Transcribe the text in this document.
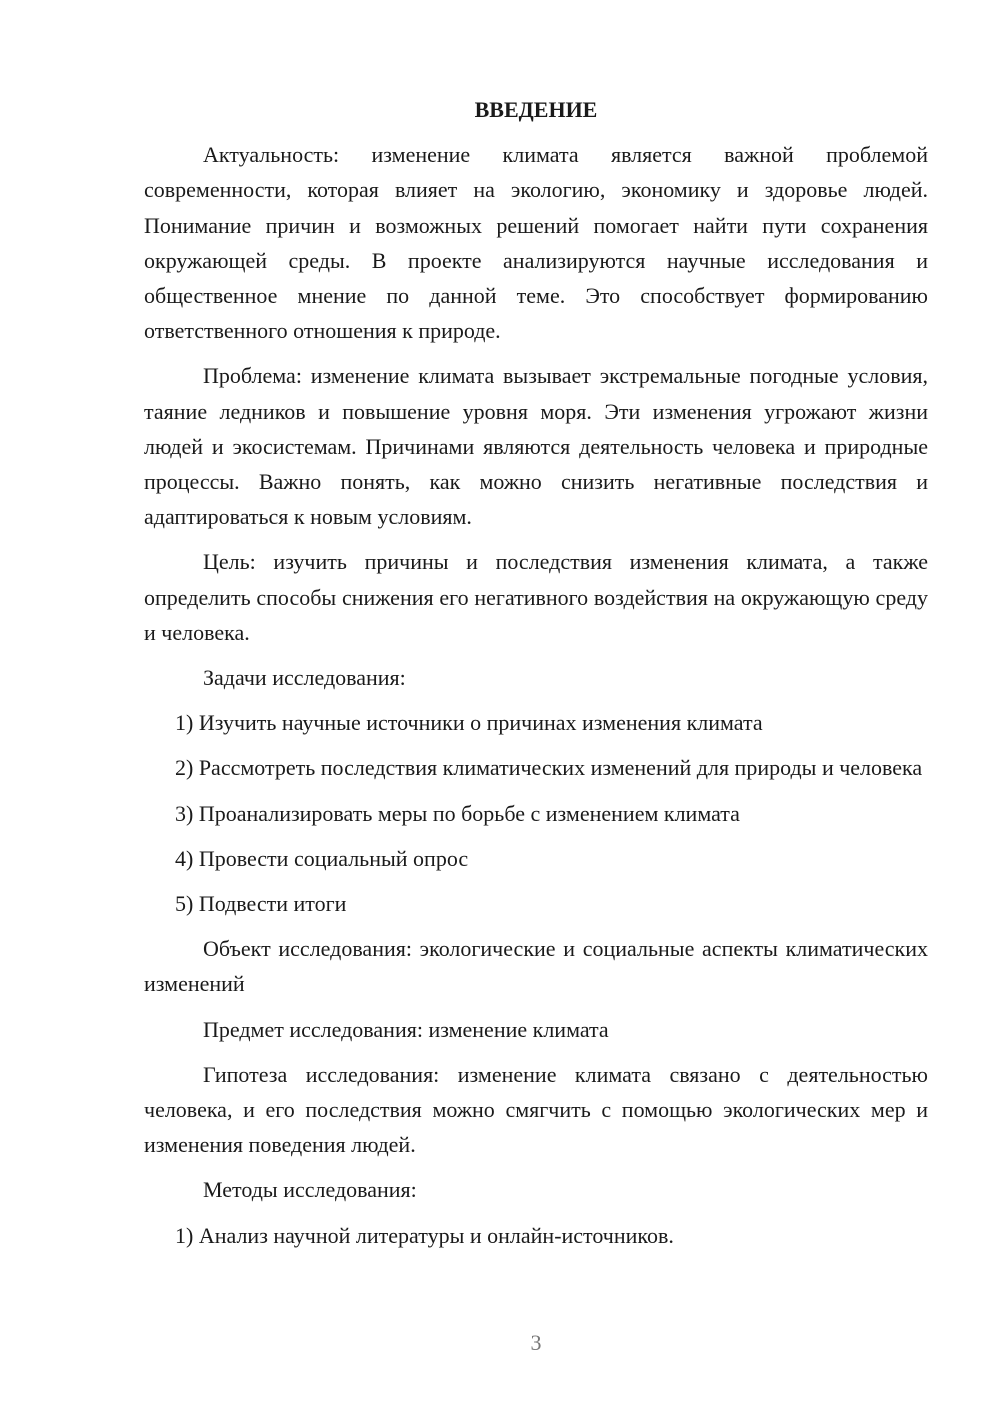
ВВЕДЕНИЕ
Актуальность: изменение климата является важной проблемой современности, которая влияет на экологию, экономику и здоровье людей. Понимание причин и возможных решений помогает найти пути сохранения окружающей среды. В проекте анализируются научные исследования и общественное мнение по данной теме. Это способствует формированию ответственного отношения к природе.
Проблема: изменение климата вызывает экстремальные погодные условия, таяние ледников и повышение уровня моря. Эти изменения угрожают жизни людей и экосистемам. Причинами являются деятельность человека и природные процессы. Важно понять, как можно снизить негативные последствия и адаптироваться к новым условиям.
Цель: изучить причины и последствия изменения климата, а также определить способы снижения его негативного воздействия на окружающую среду и человека.
Задачи исследования:
1) Изучить научные источники о причинах изменения климата
2) Рассмотреть последствия климатических изменений для природы и человека
3) Проанализировать меры по борьбе с изменением климата
4) Провести социальный опрос
5) Подвести итоги
Объект исследования: экологические и социальные аспекты климатических изменений
Предмет исследования: изменение климата
Гипотеза исследования: изменение климата связано с деятельностью человека, и его последствия можно смягчить с помощью экологических мер и изменения поведения людей.
Методы исследования:
1) Анализ научной литературы и онлайн-источников.
3
